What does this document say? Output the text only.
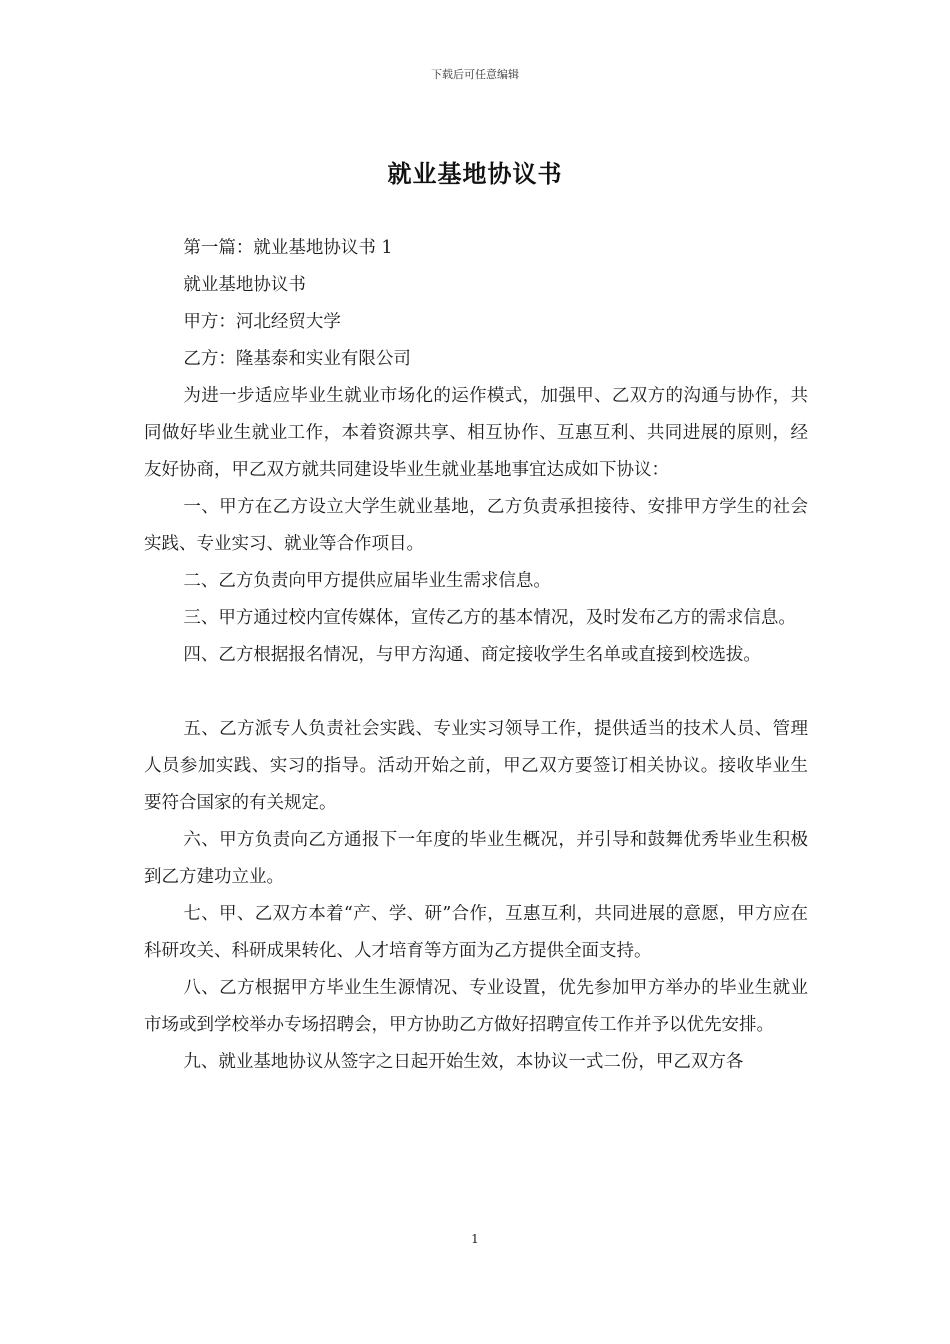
下载后可任意编辑
就业基地协议书

第一篇：就业基地协议书 1

就业基地协议书

甲方：河北经贸大学

乙方：隆基泰和实业有限公司

为进一步适应毕业生就业市场化的运作模式，加强甲、乙双方的沟通与协作，共同做好毕业生就业工作，本着资源共享、相互协作、互惠互利、共同进展的原则，经友好协商，甲乙双方就共同建设毕业生就业基地事宜达成如下协议：

一、甲方在乙方设立大学生就业基地，乙方负责承担接待、安排甲方学生的社会实践、专业实习、就业等合作项目。

二、乙方负责向甲方提供应届毕业生需求信息。

三、甲方通过校内宣传媒体，宣传乙方的基本情况，及时发布乙方的需求信息。

四、乙方根据报名情况，与甲方沟通、商定接收学生名单或直接到校选拔。

五、乙方派专人负责社会实践、专业实习领导工作，提供适当的技术人员、管理人员参加实践、实习的指导。活动开始之前，甲乙双方要签订相关协议。接收毕业生要符合国家的有关规定。

六、甲方负责向乙方通报下一年度的毕业生概况，并引导和鼓舞优秀毕业生积极到乙方建功立业。

七、甲、乙双方本着“产、学、研”合作，互惠互利，共同进展的意愿，甲方应在科研攻关、科研成果转化、人才培育等方面为乙方提供全面支持。

八、乙方根据甲方毕业生生源情况、专业设置，优先参加甲方举办的毕业生就业市场或到学校举办专场招聘会，甲方协助乙方做好招聘宣传工作并予以优先安排。

九、就业基地协议从签字之日起开始生效，本协议一式二份，甲乙双方各

1
